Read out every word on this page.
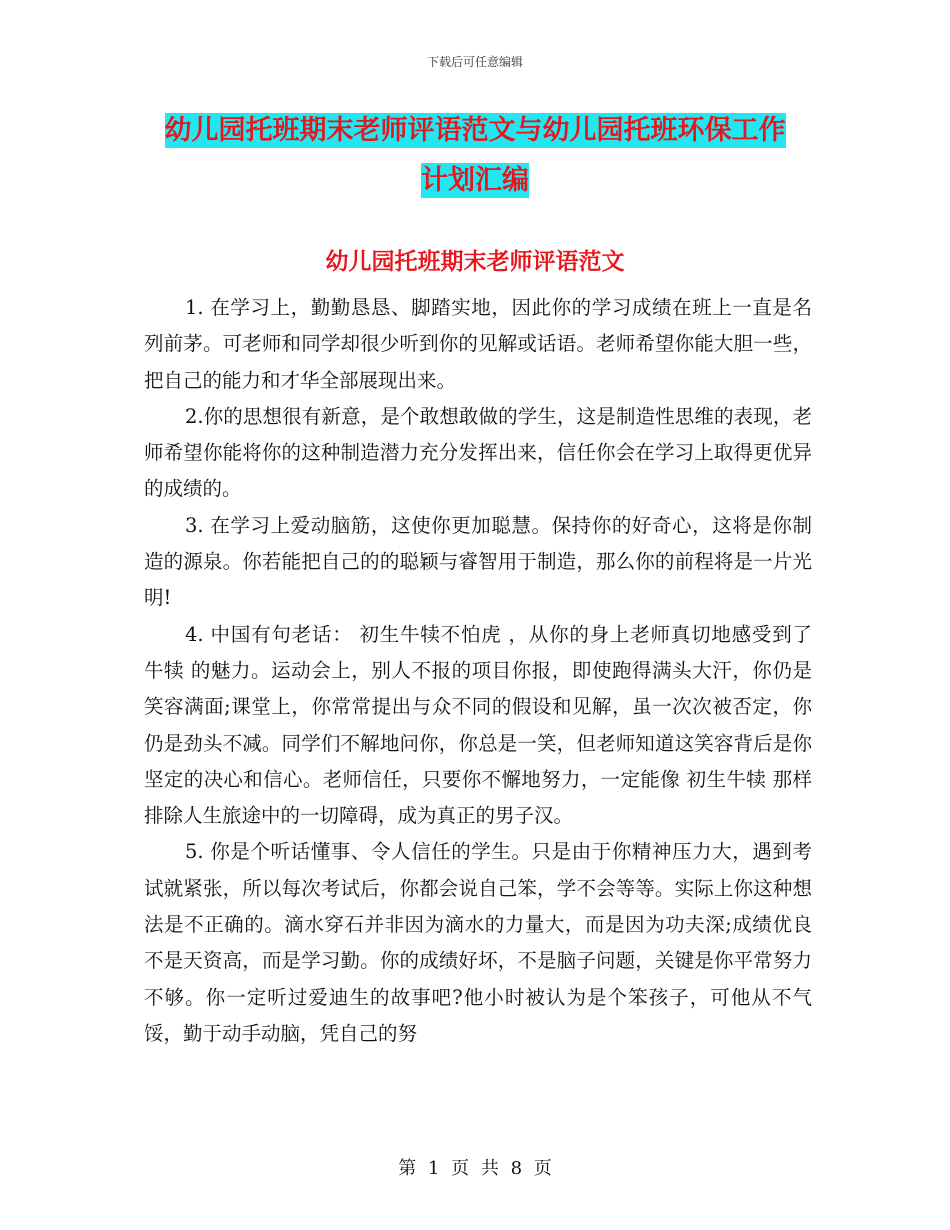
下载后可任意编辑
幼儿园托班期末老师评语范文与幼儿园托班环保工作
计划汇编
幼儿园托班期末老师评语范文

1. 在学习上，勤勤恳恳、脚踏实地，因此你的学习成绩在班上一直是名列前茅。可老师和同学却很少听到你的见解或话语。老师希望你能大胆一些，把自己的能力和才华全部展现出来。

2.你的思想很有新意，是个敢想敢做的学生，这是制造性思维的表现，老师希望你能将你的这种制造潜力充分发挥出来，信任你会在学习上取得更优异的成绩的。

3. 在学习上爱动脑筋，这使你更加聪慧。保持你的好奇心，这将是你制造的源泉。你若能把自己的的聪颖与睿智用于制造，那么你的前程将是一片光明!

4. 中国有句老话： 初生牛犊不怕虎 ，从你的身上老师真切地感受到了 牛犊 的魅力。运动会上，别人不报的项目你报，即使跑得满头大汗，你仍是笑容满面;课堂上，你常常提出与众不同的假设和见解，虽一次次被否定，你仍是劲头不减。同学们不解地问你，你总是一笑，但老师知道这笑容背后是你坚定的决心和信心。老师信任，只要你不懈地努力，一定能像 初生牛犊 那样排除人生旅途中的一切障碍，成为真正的男子汉。

5. 你是个听话懂事、令人信任的学生。只是由于你精神压力大，遇到考试就紧张，所以每次考试后，你都会说自己笨，学不会等等。实际上你这种想法是不正确的。滴水穿石并非因为滴水的力量大，而是因为功夫深;成绩优良不是天资高，而是学习勤。你的成绩好坏，不是脑子问题，关键是你平常努力不够。你一定听过爱迪生的故事吧?他小时被认为是个笨孩子，可他从不气馁，勤于动手动脑，凭自己的努

第 1 页 共 8 页
